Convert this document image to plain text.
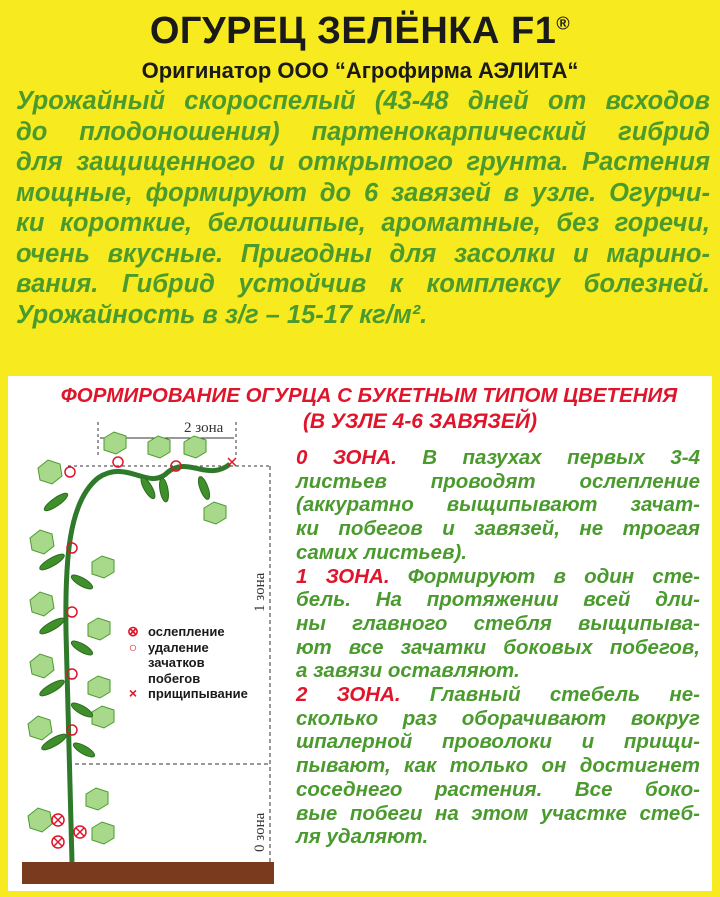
ОГУРЕЦ ЗЕЛЁНКА F1®
Оригинатор ООО “Агрофирма АЭЛИТА“
Урожайный скороспелый (43-48 дней от всходов
до плодоношения) партенокарпический гибрид
для защищенного и открытого грунта. Растения
мощные, формируют до 6 завязей в узле. Огурчи-
ки короткие, белошипые, ароматные, без горечи,
очень вкусные. Пригодны для засолки и марино-
вания. Гибрид устойчив к комплексу болезней.
Урожайность в з/г – 15-17 кг/м².
ФОРМИРОВАНИЕ ОГУРЦА С БУКЕТНЫМ ТИПОМ ЦВЕТЕНИЯ
(В УЗЛЕ 4-6 ЗАВЯЗЕЙ)
2 зона
1 зона
0 зона
⊗ ослепление
○ удаление
зачатков
побегов
× прищипывание
0 ЗОНА. В пазухах первых 3-4
листьев проводят ослепление
(аккуратно выщипывают зачат-
ки побегов и завязей, не трогая
самих листьев).
1 ЗОНА. Формируют в один сте-
бель. На протяжении всей дли-
ны главного стебля выщипыва-
ют все зачатки боковых побегов,
а завязи оставляют.
2 ЗОНА. Главный стебель не-
сколько раз оборачивают вокруг
шпалерной проволоки и прищи-
пывают, как только он достигнет
соседнего растения. Все боко-
вые побеги на этом участке стеб-
ля удаляют.
